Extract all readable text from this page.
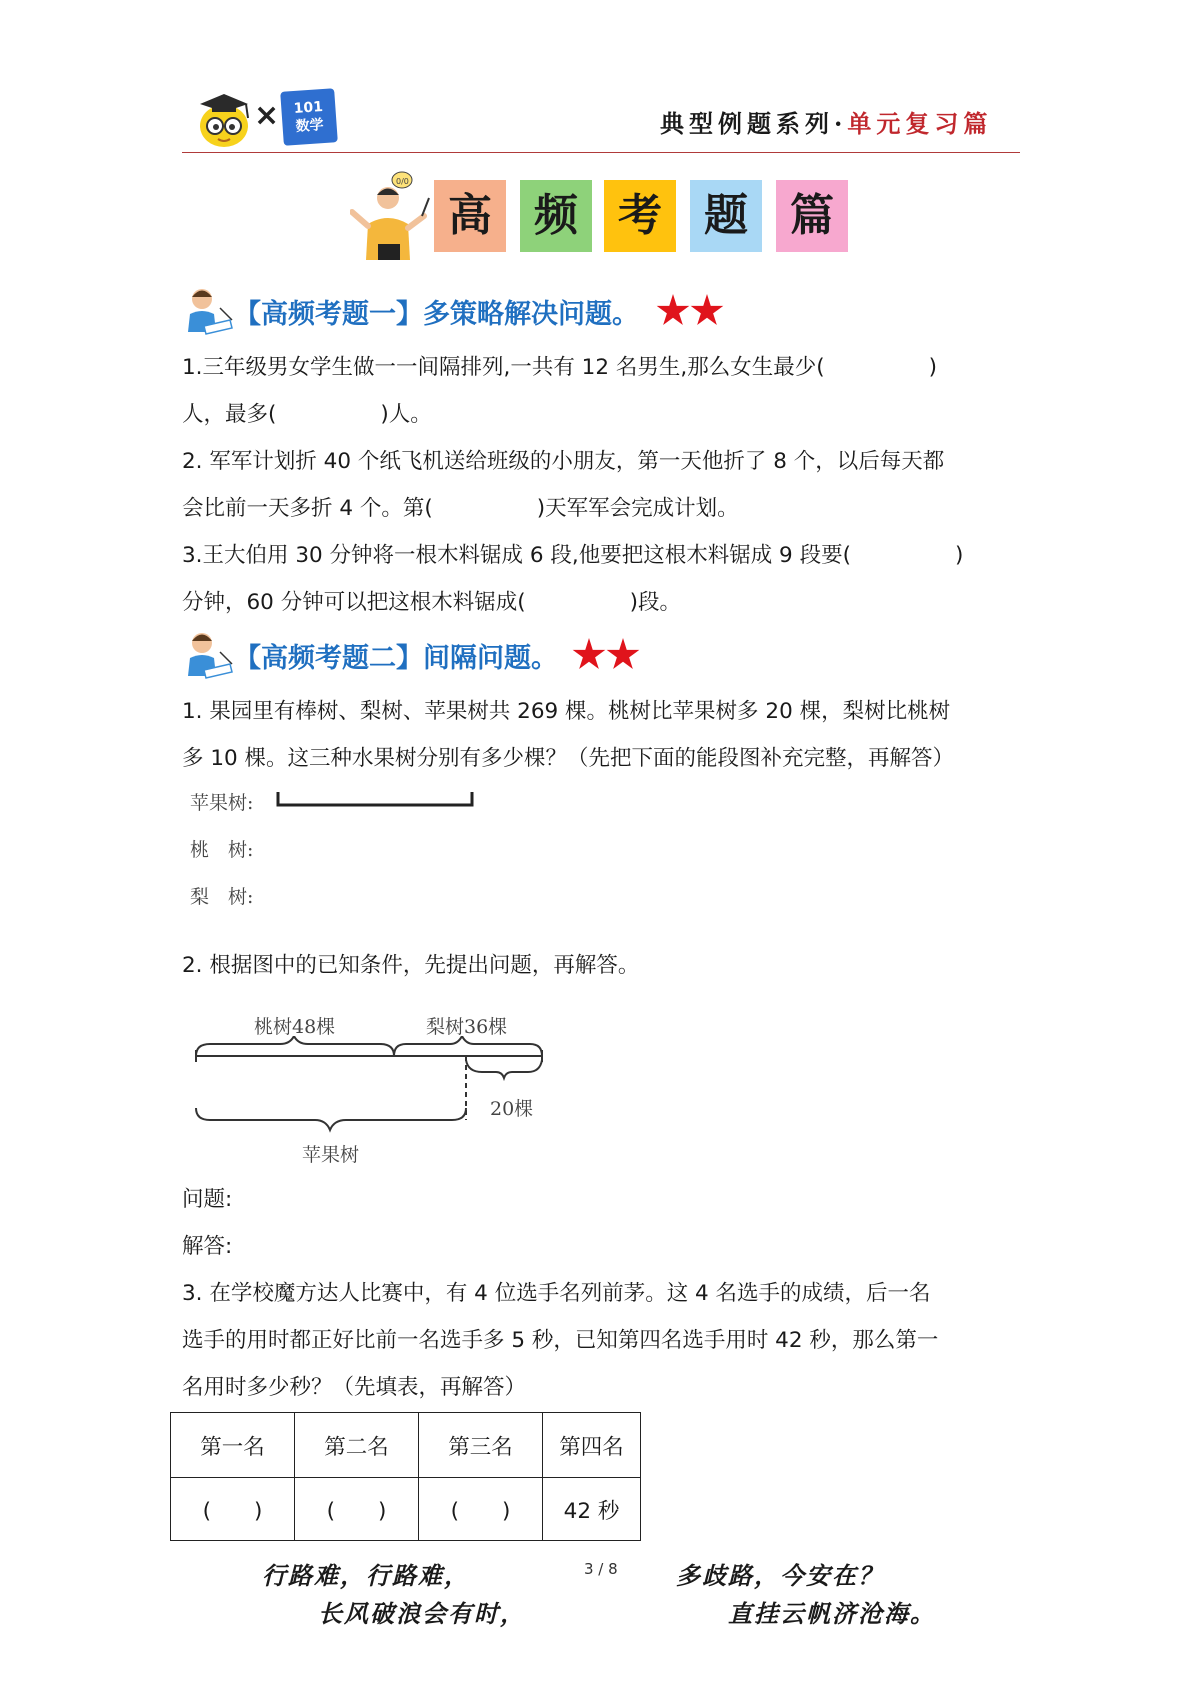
×	101
数学	典型例题系列·单元复习篇
0/0
高 频 考 题 篇
【高频考题一】多策略解决问题。
1.三年级男女学生做一一间隔排列,一共有 12 名男生,那么女生最少(	)
人，最多(	)人。
2. 军军计划折 40 个纸飞机送给班级的小朋友，第一天他折了 8 个，以后每天都
会比前一天多折 4 个。第(	)天军军会完成计划。
3.王大伯用 30 分钟将一根木料锯成 6 段,他要把这根木料锯成 9 段要(	)
分钟，60 分钟可以把这根木料锯成(	)段。
【高频考题二】间隔问题。
1. 果园里有棒树、梨树、苹果树共 269 棵。桃树比苹果树多 20 棵，梨树比桃树
多 10 棵。这三种水果树分别有多少棵？（先把下面的能段图补充完整，再解答）
苹果树:
桃　树:
梨　树:
2. 根据图中的已知条件，先提出问题，再解答。
桃树48棵	梨树36棵
20棵
苹果树
问题:
解答:
3. 在学校魔方达人比赛中，有 4 位选手名列前茅。这 4 名选手的成绩，后一名
选手的用时都正好比前一名选手多 5 秒，已知第四名选手用时 42 秒，那么第一
名用时多少秒？（先填表，再解答）
第一名	第二名	第三名	第四名
(　　)	(　　)	(　　)	42 秒
行路难，行路难，	3 / 8 多歧路，今安在？
长风破浪会有时，	直挂云帆济沧海。
